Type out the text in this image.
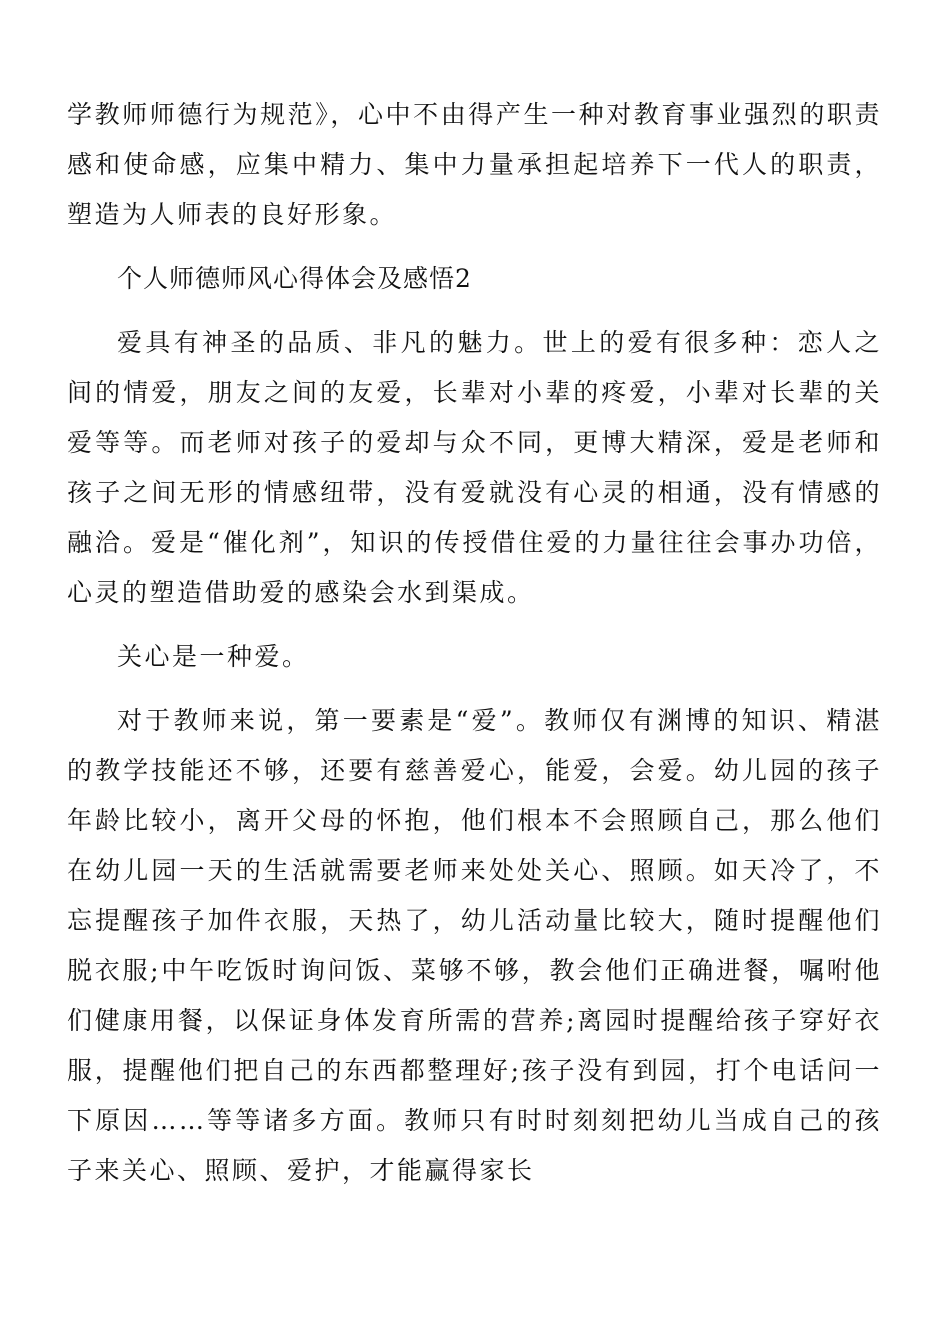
学教师师德行为规范》，心中不由得产生一种对教育事业强烈的职责感和使命感，应集中精力、集中力量承担起培养下一代人的职责，塑造为人师表的良好形象。

个人师德师风心得体会及感悟2

爱具有神圣的品质、非凡的魅力。世上的爱有很多种：恋人之间的情爱，朋友之间的友爱，长辈对小辈的疼爱，小辈对长辈的关爱等等。而老师对孩子的爱却与众不同，更博大精深，爱是老师和孩子之间无形的情感纽带，没有爱就没有心灵的相通，没有情感的融洽。爱是“催化剂”，知识的传授借住爱的力量往往会事办功倍，心灵的塑造借助爱的感染会水到渠成。

关心是一种爱。

对于教师来说，第一要素是“爱”。教师仅有渊博的知识、精湛的教学技能还不够，还要有慈善爱心，能爱，会爱。幼儿园的孩子年龄比较小，离开父母的怀抱，他们根本不会照顾自己，那么他们在幼儿园一天的生活就需要老师来处处关心、照顾。如天冷了，不忘提醒孩子加件衣服，天热了，幼儿活动量比较大，随时提醒他们脱衣服;中午吃饭时询问饭、菜够不够，教会他们正确进餐，嘱咐他们健康用餐，以保证身体发育所需的营养;离园时提醒给孩子穿好衣服，提醒他们把自己的东西都整理好;孩子没有到园，打个电话问一下原因……等等诸多方面。教师只有时时刻刻把幼儿当成自己的孩子来关心、照顾、爱护，才能赢得家长
